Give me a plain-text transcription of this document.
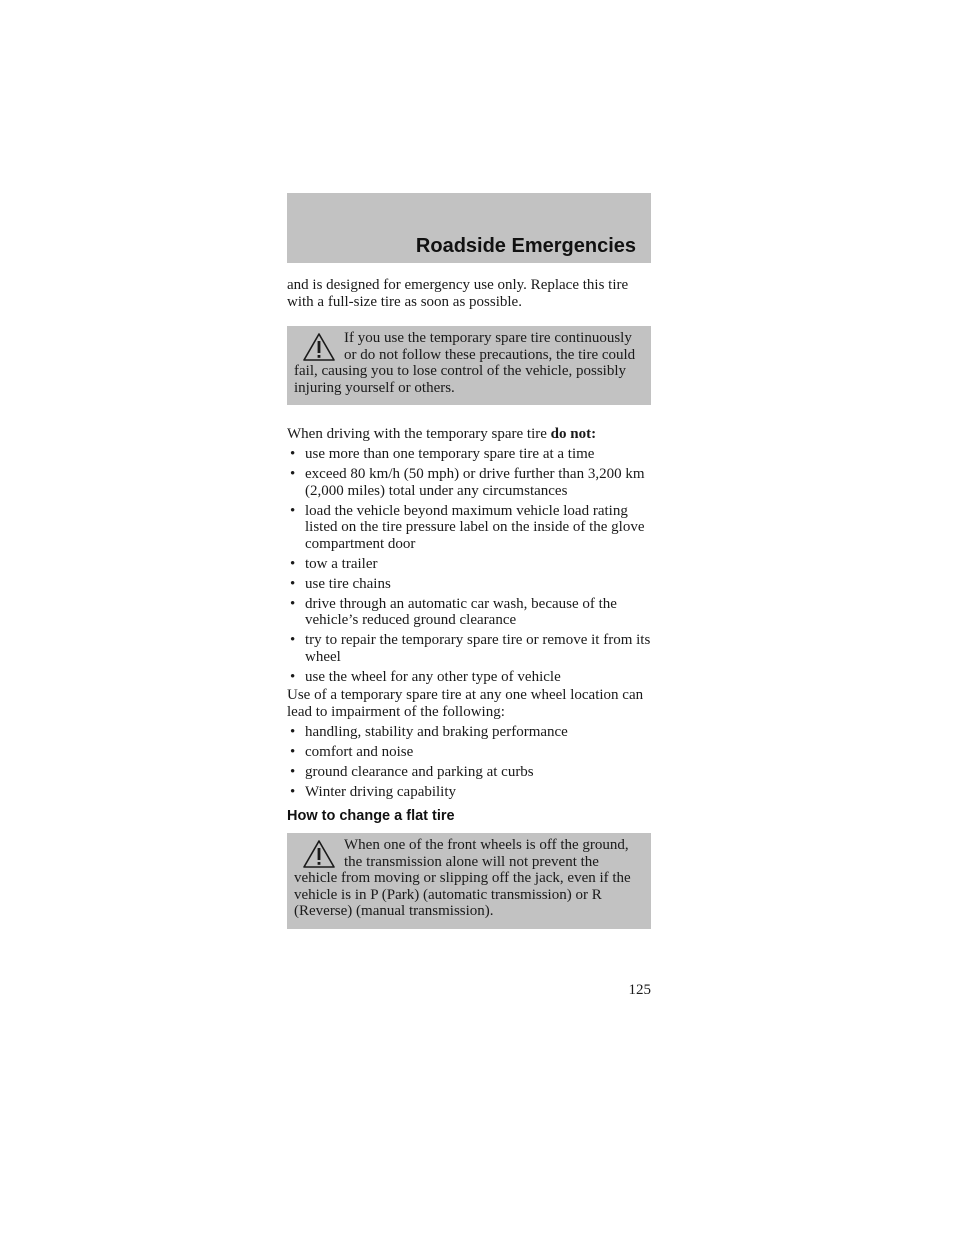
Roadside Emergencies

and is designed for emergency use only. Replace this tire with a full-size tire as soon as possible.

If you use the temporary spare tire continuously or do not follow these precautions, the tire could fail, causing you to lose control of the vehicle, possibly injuring yourself or others.

When driving with the temporary spare tire do not:

• use more than one temporary spare tire at a time
• exceed 80 km/h (50 mph) or drive further than 3,200 km (2,000 miles) total under any circumstances
• load the vehicle beyond maximum vehicle load rating listed on the tire pressure label on the inside of the glove compartment door
• tow a trailer
• use tire chains
• drive through an automatic car wash, because of the vehicle’s reduced ground clearance
• try to repair the temporary spare tire or remove it from its wheel
• use the wheel for any other type of vehicle

Use of a temporary spare tire at any one wheel location can lead to impairment of the following:

• handling, stability and braking performance
• comfort and noise
• ground clearance and parking at curbs
• Winter driving capability
How to change a flat tire

When one of the front wheels is off the ground, the transmission alone will not prevent the vehicle from moving or slipping off the jack, even if the vehicle is in P (Park) (automatic transmission) or R (Reverse) (manual transmission).

125
